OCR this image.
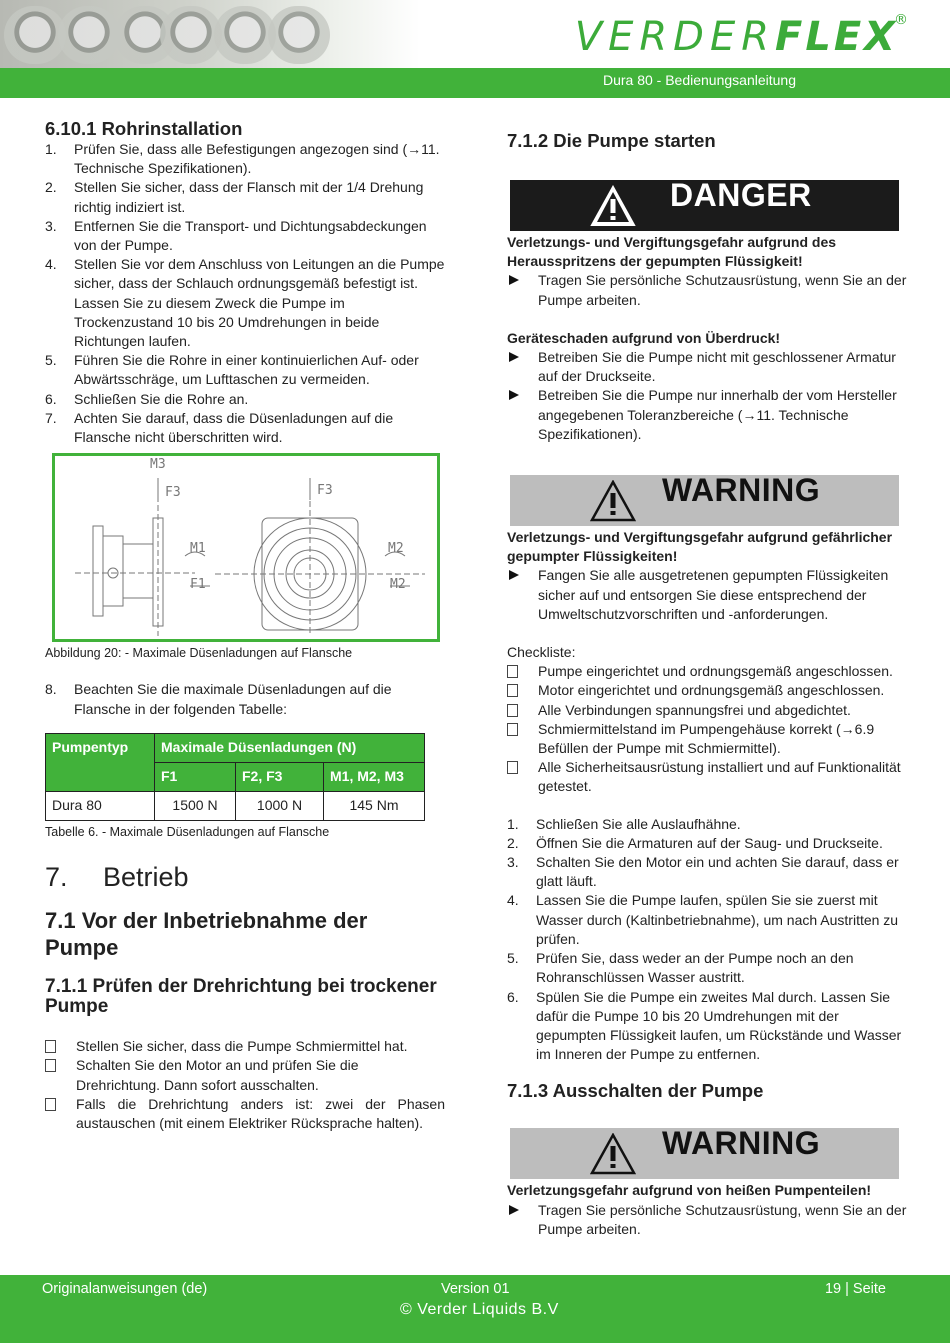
VERDERFLEX
®
Dura 80 - Bedienungsanleitung
6.10.1 Rohrinstallation
1. Prüfen Sie, dass alle Befestigungen angezogen sind (→11. Technische Spezifikationen).
2. Stellen Sie sicher, dass der Flansch mit der 1/4 Drehung richtig indiziert ist.
3. Entfernen Sie die Transport- und Dichtungsabdeckungen von der Pumpe.
4. Stellen Sie vor dem Anschluss von Leitungen an die Pumpe sicher, dass der Schlauch ordnungsgemäß befestigt ist. Lassen Sie zu diesem Zweck die Pumpe im Trockenzustand 10 bis 20 Umdrehungen in beide Richtungen laufen.
5. Führen Sie die Rohre in einer kontinuierlichen Auf- oder Abwärtsschräge, um Lufttaschen zu vermeiden.
6. Schließen Sie die Rohre an.
7. Achten Sie darauf, dass die Düsenladungen auf die Flansche nicht überschritten wird.
M3
F3	F3
M1
F1
M2
M2
Abbildung 20: - Maximale Düsenladungen auf Flansche
8. Beachten Sie die maximale Düsenladungen auf die Flansche in der folgenden Tabelle:
Pumpentyp	Maximale Düsenladungen (N)		
	F1	F2, F3	M1, M2, M3
Dura 80	1500 N	1000 N	145 Nm
Tabelle 6. - Maximale Düsenladungen auf Flansche
7. Betrieb
7.1 Vor der Inbetriebnahme der Pumpe
7.1.1 Prüfen der Drehrichtung bei trockener Pumpe
Stellen Sie sicher, dass die Pumpe Schmiermittel hat.
Schalten Sie den Motor an und prüfen Sie die Drehrichtung. Dann sofort ausschalten.
Falls die Drehrichtung anders ist: zwei der Phasen austauschen (mit einem Elektriker Rücksprache halten).
7.1.2 Die Pumpe starten
DANGER
Verletzungs- und Vergiftungsgefahr aufgrund des Herausspritzens der gepumpten Flüssigkeit!
Tragen Sie persönliche Schutzausrüstung, wenn Sie an der Pumpe arbeiten.
Geräteschaden aufgrund von Überdruck!
Betreiben Sie die Pumpe nicht mit geschlossener Armatur auf der Druckseite.
Betreiben Sie die Pumpe nur innerhalb der vom Hersteller angegebenen Toleranzbereiche (→11. Technische Spezifikationen).
WARNING
Verletzungs- und Vergiftungsgefahr aufgrund gefährlicher gepumpter Flüssigkeiten!
Fangen Sie alle ausgetretenen gepumpten Flüssigkeiten sicher auf und entsorgen Sie diese entsprechend der Umweltschutzvorschriften und -anforderungen.
Checkliste:
Pumpe eingerichtet und ordnungsgemäß angeschlossen.
Motor eingerichtet und ordnungsgemäß angeschlossen.
Alle Verbindungen spannungsfrei und abgedichtet.
Schmiermittelstand im Pumpengehäuse korrekt (→6.9 Befüllen der Pumpe mit Schmiermittel).
Alle Sicherheitsausrüstung installiert und auf Funktionalität getestet.
1. Schließen Sie alle Auslaufhähne.
2. Öffnen Sie die Armaturen auf der Saug- und Druckseite.
3. Schalten Sie den Motor ein und achten Sie darauf, dass er glatt läuft.
4. Lassen Sie die Pumpe laufen, spülen Sie sie zuerst mit Wasser durch (Kaltinbetriebnahme), um nach Austritten zu prüfen.
5. Prüfen Sie, dass weder an der Pumpe noch an den Rohranschlüssen Wasser austritt.
6. Spülen Sie die Pumpe ein zweites Mal durch. Lassen Sie dafür die Pumpe 10 bis 20 Umdrehungen mit der gepumpten Flüssigkeit laufen, um Rückstände und Wasser im Inneren der Pumpe zu entfernen.
7.1.3 Ausschalten der Pumpe
WARNING
Verletzungsgefahr aufgrund von heißen Pumpenteilen!
Tragen Sie persönliche Schutzausrüstung, wenn Sie an der Pumpe arbeiten.
Originalanweisungen (de)	Version 01	19 | Seite
© Verder Liquids B.V
